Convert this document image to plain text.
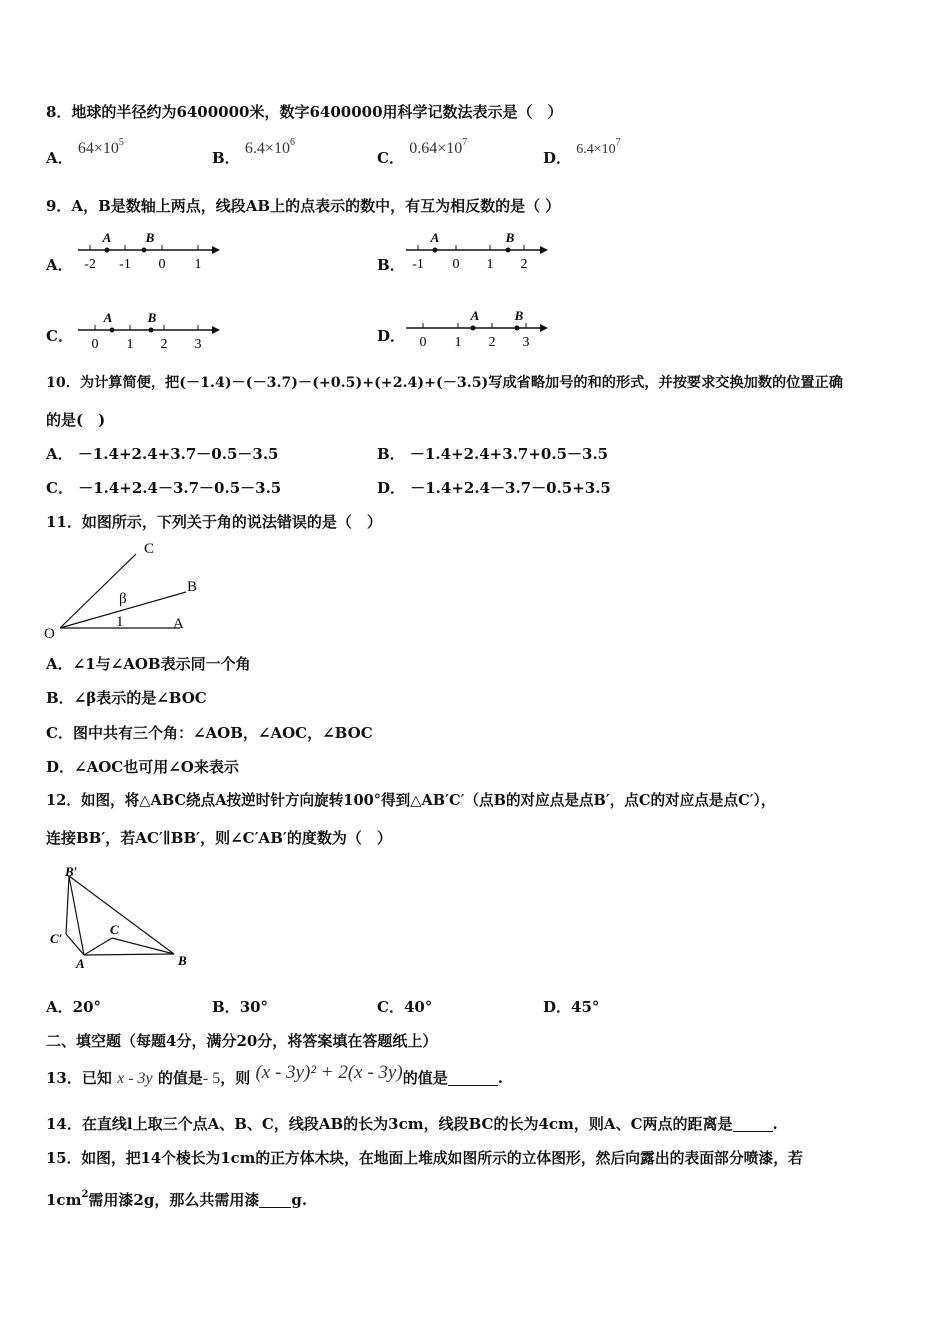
8．地球的半径约为6400000米，数字6400000用科学记数法表示是（　）
A． $64\times 10^5$
B． $6.4\times 10^6$
C． $0.64\times 10^7$
D． $6.4\times 10^7$
9．A，B是数轴上两点，线段AB上的点表示的数中，有互为相反数的是（ ）
A． -2 -1 0 1
A	B
B． -1 0 1 2
A	B
C． 0 1 2 3
A	B
D． 0 1 2 3
A	B
10．为计算简便，把(－1.4)－(－3.7)－(+0.5)+(+2.4)+(－3.5)写成省略加号的和的形式，并按要求交换加数的位置正确
的是(　)
A． －1.4+2.4+3.7－0.5－3.5	B． －1.4+2.4+3.7+0.5－3.5
C． －1.4+2.4－3.7－0.5－3.5	D． －1.4+2.4－3.7－0.5+3.5
11．如图所示，下列关于角的说法错误的是（　）
O
A
B
C
β
1
A．∠1与∠AOB表示同一个角
B．∠β表示的是∠BOC
C．图中共有三个角：∠AOB，∠AOC，∠BOC
D．∠AOC也可用∠O来表示
12．如图，将△ABC绕点A按逆时针方向旋转100°得到△AB′C′（点B的对应点是点B′，点C的对应点是点C′），
连接BB′，若AC′∥BB′，则∠C′AB′的度数为（　）
B′
C′
C
A	B
A．20°	B．30°	C．40°	D．45°
二、填空题（每题4分，满分20分，将答案填在答题纸上）
13．已知 x - 3y 的值是- 5，则 (x - 3y)² + 2(x - 3y)的值是	.
14．在直线l上取三个点A、B、C，线段AB的长为3cm，线段BC的长为4cm，则A、C两点的距离是	.
15．如图，把14个棱长为1cm的正方体木块，在地面上堆成如图所示的立体图形，然后向露出的表面部分喷漆，若
$1cm^2$需用漆2g，那么共需用漆 g.
